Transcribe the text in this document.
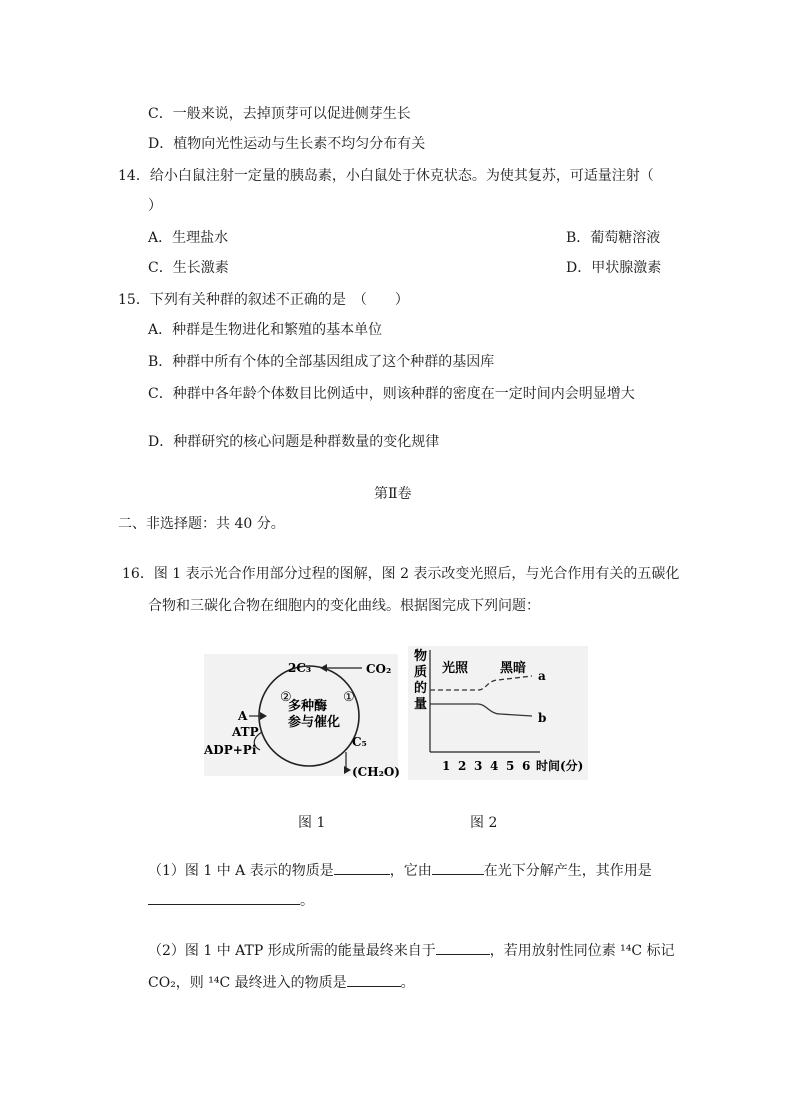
C．一般来说，去掉顶芽可以促进侧芽生长
D．植物向光性运动与生长素不均匀分布有关
14．给小白鼠注射一定量的胰岛素，小白鼠处于休克状态。为使其复苏，可适量注射（
）
A．生理盐水	B．葡萄糖溶液
C．生长激素	D．甲状腺激素
15．下列有关种群的叙述不正确的是　（　　）
A．种群是生物进化和繁殖的基本单位
B．种群中所有个体的全部基因组成了这个种群的基因库
C．种群中各年龄个体数目比例适中，则该种群的密度在一定时间内会明显增大
D．种群研究的核心问题是种群数量的变化规律
第Ⅱ卷
二、非选择题：共 40 分。
16．图 1 表示光合作用部分过程的图解，图 2 表示改变光照后，与光合作用有关的五碳化
合物和三碳化合物在细胞内的变化曲线。根据图完成下列问题：
2C₃	CO₂
②	①
多种酶
参与催化
A
ATP
ADP+Pi
C₅
(CH₂O)
物
质
的
量
光照 黑暗 a
b
1 2 3 4 5 6 时间(分)
图 1	图 2
（1）图 1 中 A 表示的物质是	，它由	在光下分解产生，其作用是
。
（2）图 1 中 ATP 形成所需的能量最终来自于	，若用放射性同位素 ¹⁴C 标记
CO₂，则 ¹⁴C 最终进入的物质是	。
